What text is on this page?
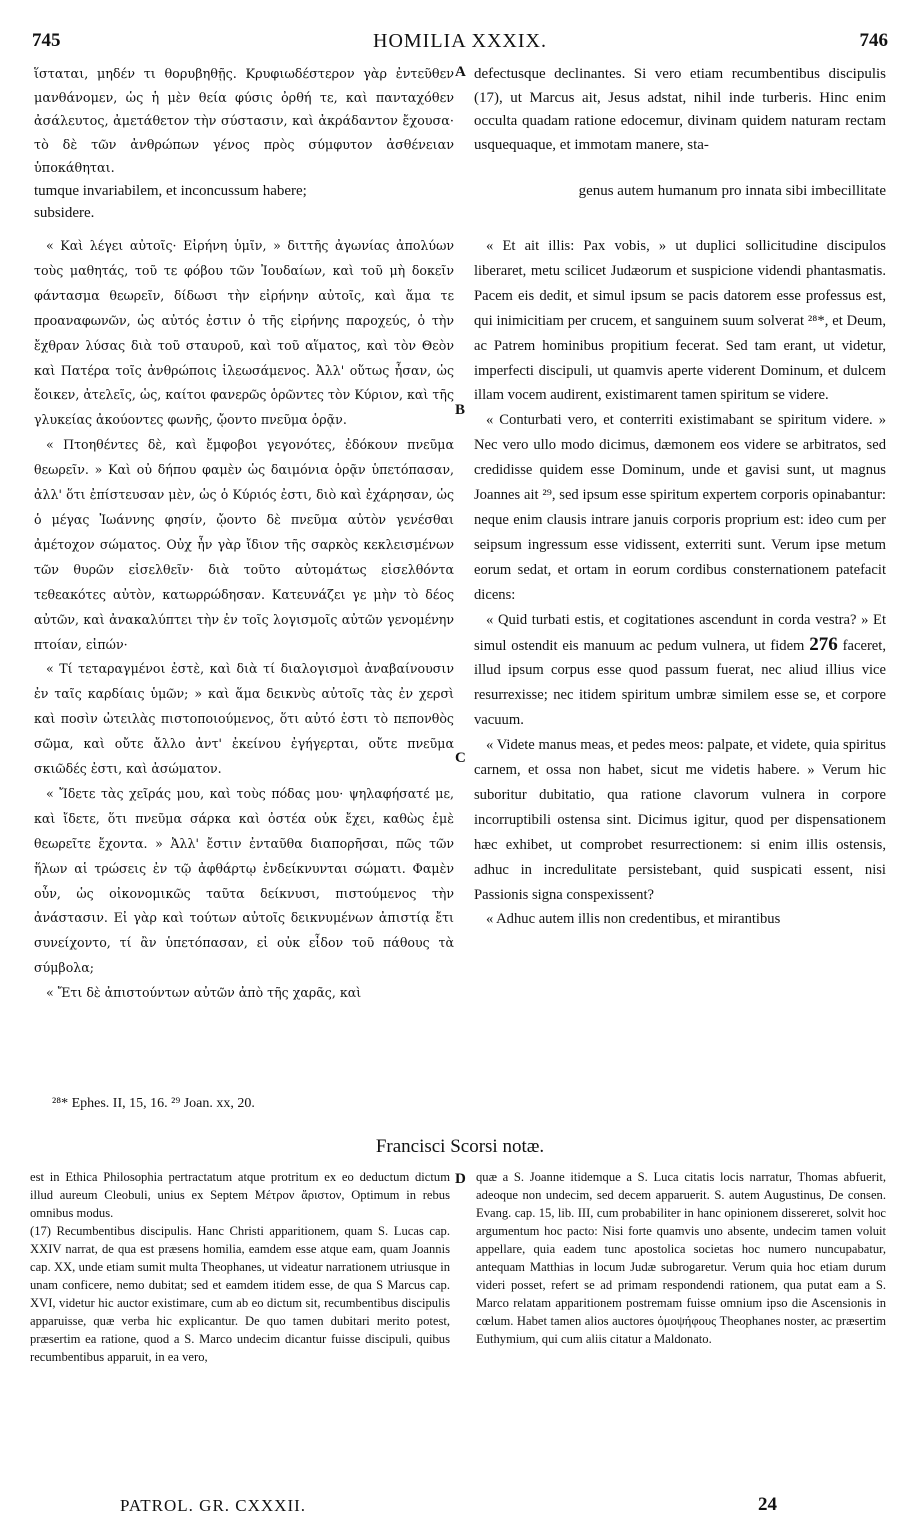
745	HOMILIA XXXIX.	746

ἵσταται, μηδέν τι θορυβηθῇς. Κρυφιωδέστερον γὰρ ἐντεῦθεν μανθάνομεν, ὡς ἡ μὲν θεία φύσις ὀρθή τε, καὶ πανταχόθεν ἀσάλευτος, ἀμετάθετον τὴν σύστασιν, καὶ ἀκράδαντον ἔχουσα· τὸ δὲ τῶν ἀνθρώπων γένος πρὸς σύμφυτον ἀσθένειαν ὑποκάθηται.

defectusque declinantes. Si vero etiam recumbentibus discipulis (17), ut Marcus ait, Jesus adstat, nihil inde turberis. Hinc enim occulta quadam ratione edocemur, divinam quidem naturam rectam usquequaque, et immotam manere, sta-

tumque invariabilem, et inconcussum habere;	genus autem humanum pro innata sibi imbecillitate
subsidere.

« Καὶ λέγει αὐτοῖς· Εἰρήνη ὑμῖν, » διττῆς ἀγωνίας ἀπολύων τοὺς μαθητάς, τοῦ τε φόβου τῶν Ἰουδαίων, καὶ τοῦ μὴ δοκεῖν φάντασμα θεωρεῖν, δίδωσι τὴν εἰρήνην αὐτοῖς, καὶ ἅμα τε προαναφωνῶν, ὡς αὐτός ἐστιν ὁ τῆς εἰρήνης παροχεύς, ὁ τὴν ἔχθραν λύσας διὰ τοῦ σταυροῦ, καὶ τοῦ αἵματος, καὶ τὸν Θεὸν καὶ Πατέρα τοῖς ἀνθρώποις ἱλεωσάμενος. Ἀλλ' οὕτως ἦσαν, ὡς ἔοικεν, ἀτελεῖς, ὡς, καίτοι φανερῶς ὁρῶντες τὸν Κύριον, καὶ τῆς γλυκείας ἀκούοντες φωνῆς, ᾤοντο πνεῦμα ὁρᾷν.

« Πτοηθέντες δὲ, καὶ ἔμφοβοι γεγονότες, ἐδόκουν πνεῦμα θεωρεῖν. » Καὶ οὐ δήπου φαμὲν ὡς δαιμόνια ὁρᾷν ὑπετόπασαν, ἀλλ' ὅτι ἐπίστευσαν μὲν, ὡς ὁ Κύριός ἐστι, διὸ καὶ ἐχάρησαν, ὡς ὁ μέγας Ἰωάννης φησίν, ᾤοντο δὲ πνεῦμα αὐτὸν γενέσθαι ἀμέτοχον σώματος. Οὐχ ἦν γὰρ ἴδιον τῆς σαρκὸς κεκλεισμένων τῶν θυρῶν εἰσελθεῖν· διὰ τοῦτο αὐτομάτως εἰσελθόντα τεθεακότες αὐτὸν, κατωρρώδησαν. Κατευνάζει γε μὴν τὸ δέος αὐτῶν, καὶ ἀνακαλύπτει τὴν ἐν τοῖς λογισμοῖς αὐτῶν γενομένην πτοίαν, εἰπών·

« Τί τεταραγμένοι ἐστὲ, καὶ διὰ τί διαλογισμοὶ ἀναβαίνουσιν ἐν ταῖς καρδίαις ὑμῶν; » καὶ ἅμα δεικνὺς αὐτοῖς τὰς ἐν χερσὶ καὶ ποσὶν ὠτειλὰς πιστοποιούμενος, ὅτι αὐτό ἐστι τὸ πεπονθὸς σῶμα, καὶ οὔτε ἄλλο ἀντ' ἐκείνου ἐγήγερται, οὔτε πνεῦμα σκιῶδές ἐστι, καὶ ἀσώματον.

« Ἴδετε τὰς χεῖράς μου, καὶ τοὺς πόδας μου· ψηλαφήσατέ με, καὶ ἴδετε, ὅτι πνεῦμα σάρκα καὶ ὀστέα οὐκ ἔχει, καθὼς ἐμὲ θεωρεῖτε ἔχοντα. » Ἀλλ' ἔστιν ἐνταῦθα διαπορῆσαι, πῶς τῶν ἥλων αἱ τρώσεις ἐν τῷ ἀφθάρτῳ ἐνδείκνυνται σώματι. Φαμὲν οὖν, ὡς οἰκονομικῶς ταῦτα δείκνυσι, πιστούμενος τὴν ἀνάστασιν. Εἰ γὰρ καὶ τούτων αὐτοῖς δεικνυμένων ἀπιστίᾳ ἔτι συνείχοντο, τί ἂν ὑπετόπασαν, εἰ οὐκ εἶδον τοῦ πάθους τὰ σύμβολα;

« Ἔτι δὲ ἀπιστούντων αὐτῶν ἀπὸ τῆς χαρᾶς, καὶ

« Et ait illis: Pax vobis, » ut duplici sollicitudine discipulos liberaret, metu scilicet Judæorum et suspicione videndi phantasmatis. Pacem eis dedit, et simul ipsum se pacis datorem esse professus est, qui inimicitiam per crucem, et sanguinem suum solverat ²⁸*, et Deum, ac Patrem hominibus propitium fecerat. Sed tam erant, ut videtur, imperfecti discipuli, ut quamvis aperte viderent Dominum, et dulcem illam vocem audirent, existimarent tamen spiritum se videre.

« Conturbati vero, et conterriti existimabant se spiritum videre. » Nec vero ullo modo dicimus, dæmonem eos videre se arbitratos, sed credidisse quidem esse Dominum, unde et gavisi sunt, ut magnus Joannes ait ²⁹, sed ipsum esse spiritum expertem corporis opinabantur: neque enim clausis intrare januis corporis proprium est: ideo cum per seipsum ingressum esse vidissent, exterriti sunt. Verum ipse metum eorum sedat, et ortam in eorum cordibus consternationem patefacit dicens:

« Quid turbati estis, et cogitationes ascendunt in corda vestra? » Et simul ostendit eis manuum ac pedum vulnera, ut fidem 276 faceret, illud ipsum corpus esse quod passum fuerat, nec aliud illius vice resurrexisse; nec itidem spiritum umbræ similem esse se, et corpore vacuum.

« Videte manus meas, et pedes meos: palpate, et videte, quia spiritus carnem, et ossa non habet, sicut me videtis habere. » Verum hic suboritur dubitatio, qua ratione clavorum vulnera in corpore incorruptibili ostensa sint. Dicimus igitur, quod per dispensationem hæc exhibet, ut comprobet resurrectionem: si enim illis ostensis, adhuc in incredulitate persistebant, quid suspicati essent, nisi Passionis signa conspexissent?

« Adhuc autem illis non credentibus, et mirantibus

A
B
C
D
²⁸* Ephes. II, 15, 16. ²⁹ Joan. xx, 20.
Francisci Scorsi notæ.

est in Ethica Philosophia pertractatum atque protritum ex eo deductum dictum illud aureum Cleobuli, unius ex Septem Μέτρον ἄριστον, Optimum in rebus omnibus modus.

(17) Recumbentibus discipulis. Hanc Christi apparitionem, quam S. Lucas cap. XXIV narrat, de qua est præsens homilia, eamdem esse atque eam, quam Joannis cap. XX, unde etiam sumit multa Theophanes, ut videatur narrationem utriusque in unam conficere, nemo dubitat; sed et eamdem itidem esse, de qua S Marcus cap. XVI, videtur hic auctor existimare, cum ab eo dictum sit, recumbentibus discipulis apparuisse, quæ verba hic explicantur. De quo tamen dubitari merito potest, præsertim ea ratione, quod a S. Marco undecim dicantur fuisse discipuli, quibus recumbentibus apparuit, in ea vero,

quæ a S. Joanne itidemque a S. Luca citatis locis narratur, Thomas abfuerit, adeoque non undecim, sed decem apparuerit. S. autem Augustinus, De consen. Evang. cap. 15, lib. III, cum probabiliter in hanc opinionem dissereret, solvit hoc argumentum hoc pacto: Nisi forte quamvis uno absente, undecim tamen voluit appellare, quia eadem tunc apostolica societas hoc numero nuncupabatur, antequam Matthias in locum Judæ subrogaretur. Verum quia hoc etiam durum videri posset, refert se ad primam respondendi rationem, qua putat eam a S. Marco relatam apparitionem postremam fuisse omnium ipso die Ascensionis in cœlum. Habet tamen alios auctores ὁμοψήφους Theophanes noster, ac præsertim Euthymium, qui cum aliis citatur a Maldonato.

PATROL. GR. CXXXII.	24
